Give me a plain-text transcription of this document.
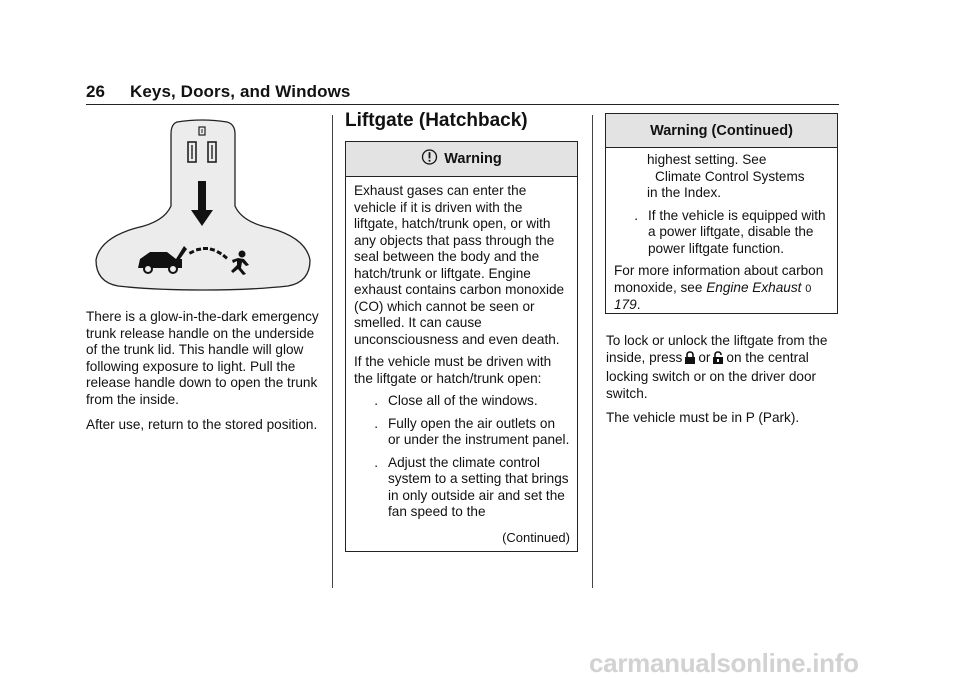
26 Keys, Doors, and Windows

There is a glow-in-the-dark emergency trunk release handle on the underside of the trunk lid. This handle will glow following exposure to light. Pull the release handle down to open the trunk from the inside.

After use, return to the stored position.

Liftgate (Hatchback)
Warning

Exhaust gases can enter the vehicle if it is driven with the liftgate, hatch/trunk open, or with any objects that pass through the seal between the body and the hatch/trunk or liftgate. Engine exhaust contains carbon monoxide (CO) which cannot be seen or smelled. It can cause unconsciousness and even death.

If the vehicle must be driven with the liftgate or hatch/trunk open:

. Close all of the windows.
. Fully open the air outlets on or under the instrument panel.
. Adjust the climate control system to a setting that brings in only outside air and set the fan speed to the
(Continued)
Warning (Continued)
highest setting. See
Climate Control Systems
in the Index.
. If the vehicle is equipped with a power liftgate, disable the power liftgate function.

For more information about carbon monoxide, see Engine Exhaust 0 179.

To lock or unlock the liftgate from the inside, press or on the central locking switch or on the driver door switch.

The vehicle must be in P (Park).

carmanualsonline.info
